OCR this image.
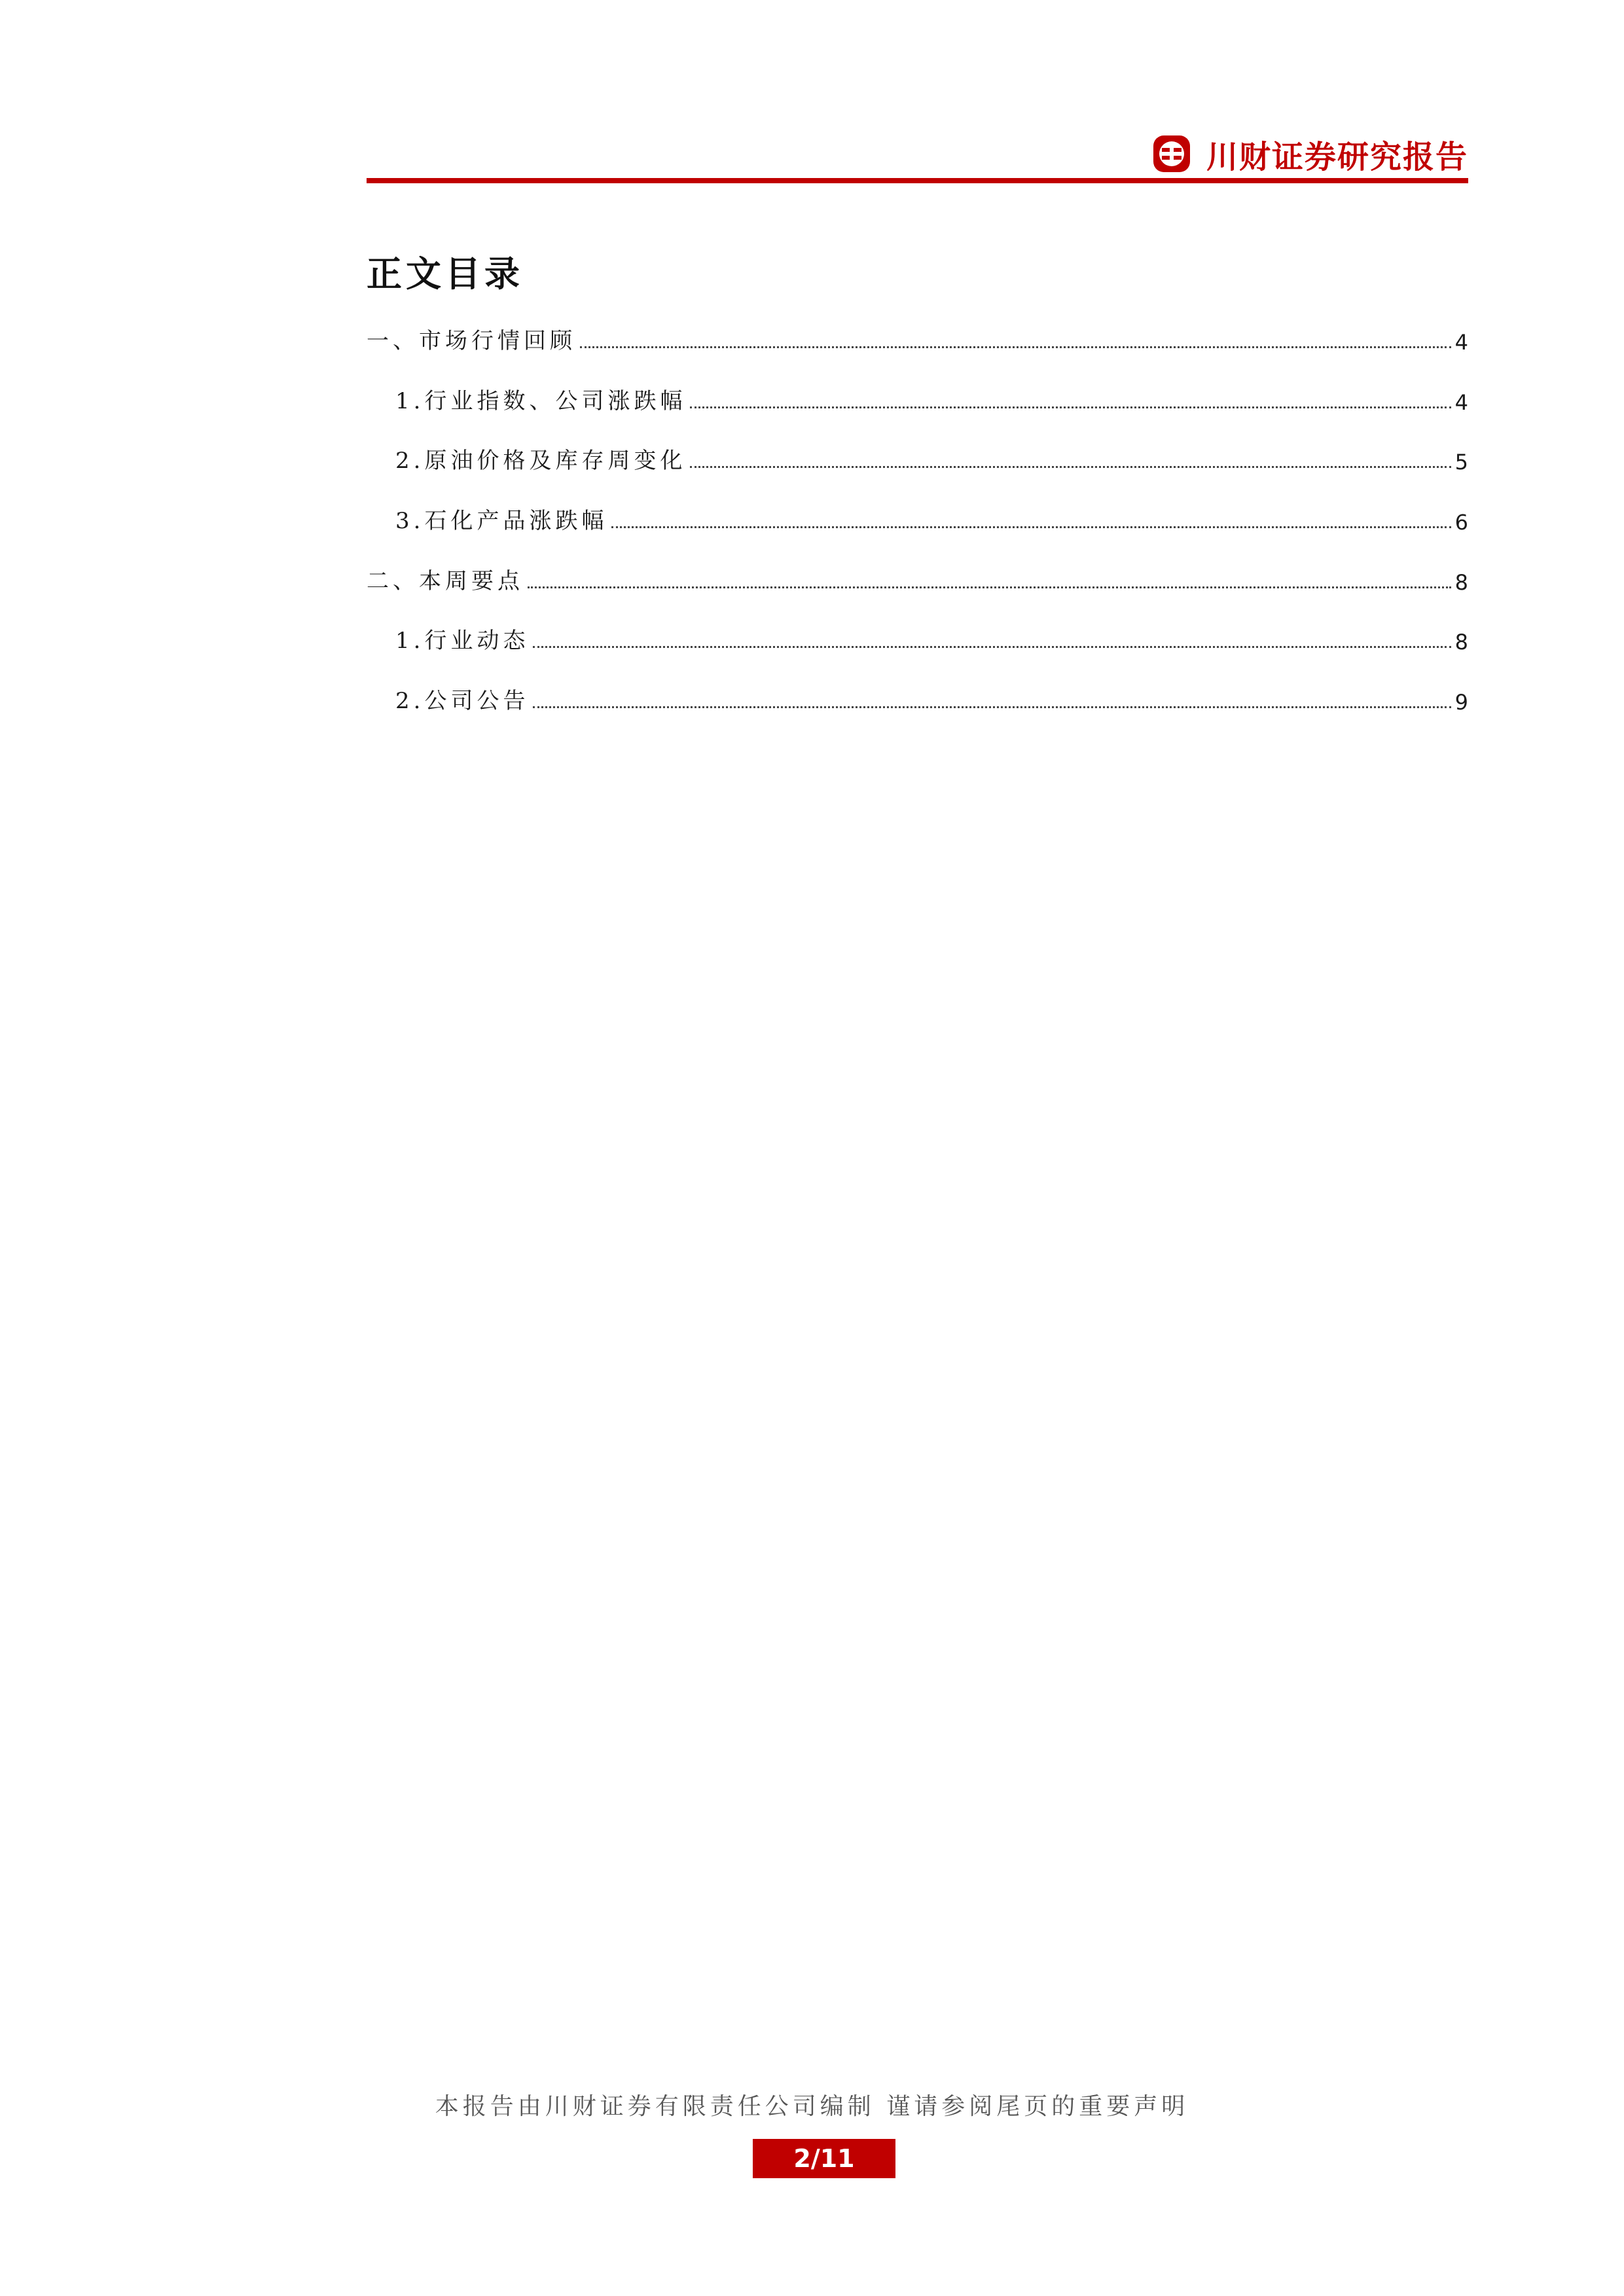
川财证券研究报告
正文目录
一、市场行情回顾	4
1.行业指数、公司涨跌幅	4
2.原油价格及库存周变化	5
3.石化产品涨跌幅	6
二、本周要点	8
1.行业动态	8
2.公司公告	9
本报告由川财证券有限责任公司编制 谨请参阅尾页的重要声明
2/11
